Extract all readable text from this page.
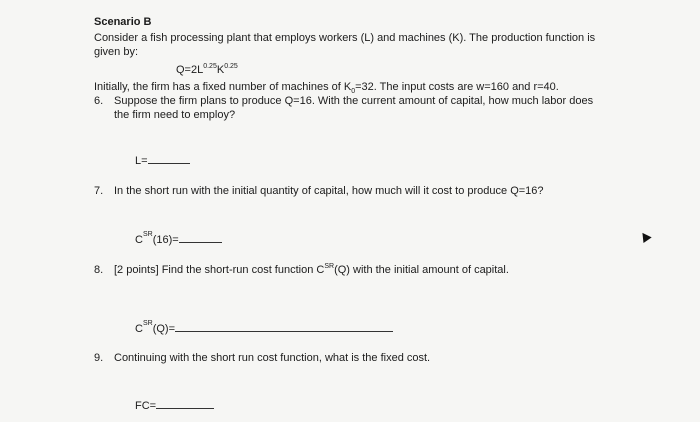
Scenario B
Consider a fish processing plant that employs workers (L) and machines (K). The production function is
given by:
$Q=2L^{0.25}K^{0.25}$
Initially, the firm has a fixed number of machines of $K_0=32$. The input costs are w=160 and r=40.
6. Suppose the firm plans to produce Q=16. With the current amount of capital, how much labor does
the firm need to employ?
L=
7. In the short run with the initial quantity of capital, how much will it cost to produce Q=16?
$C^{SR}(16)=$
8. [2 points] Find the short-run cost function $C^{SR}(Q)$ with the initial amount of capital.
$C^{SR}(Q)=$
9. Continuing with the short run cost function, what is the fixed cost.
FC=
